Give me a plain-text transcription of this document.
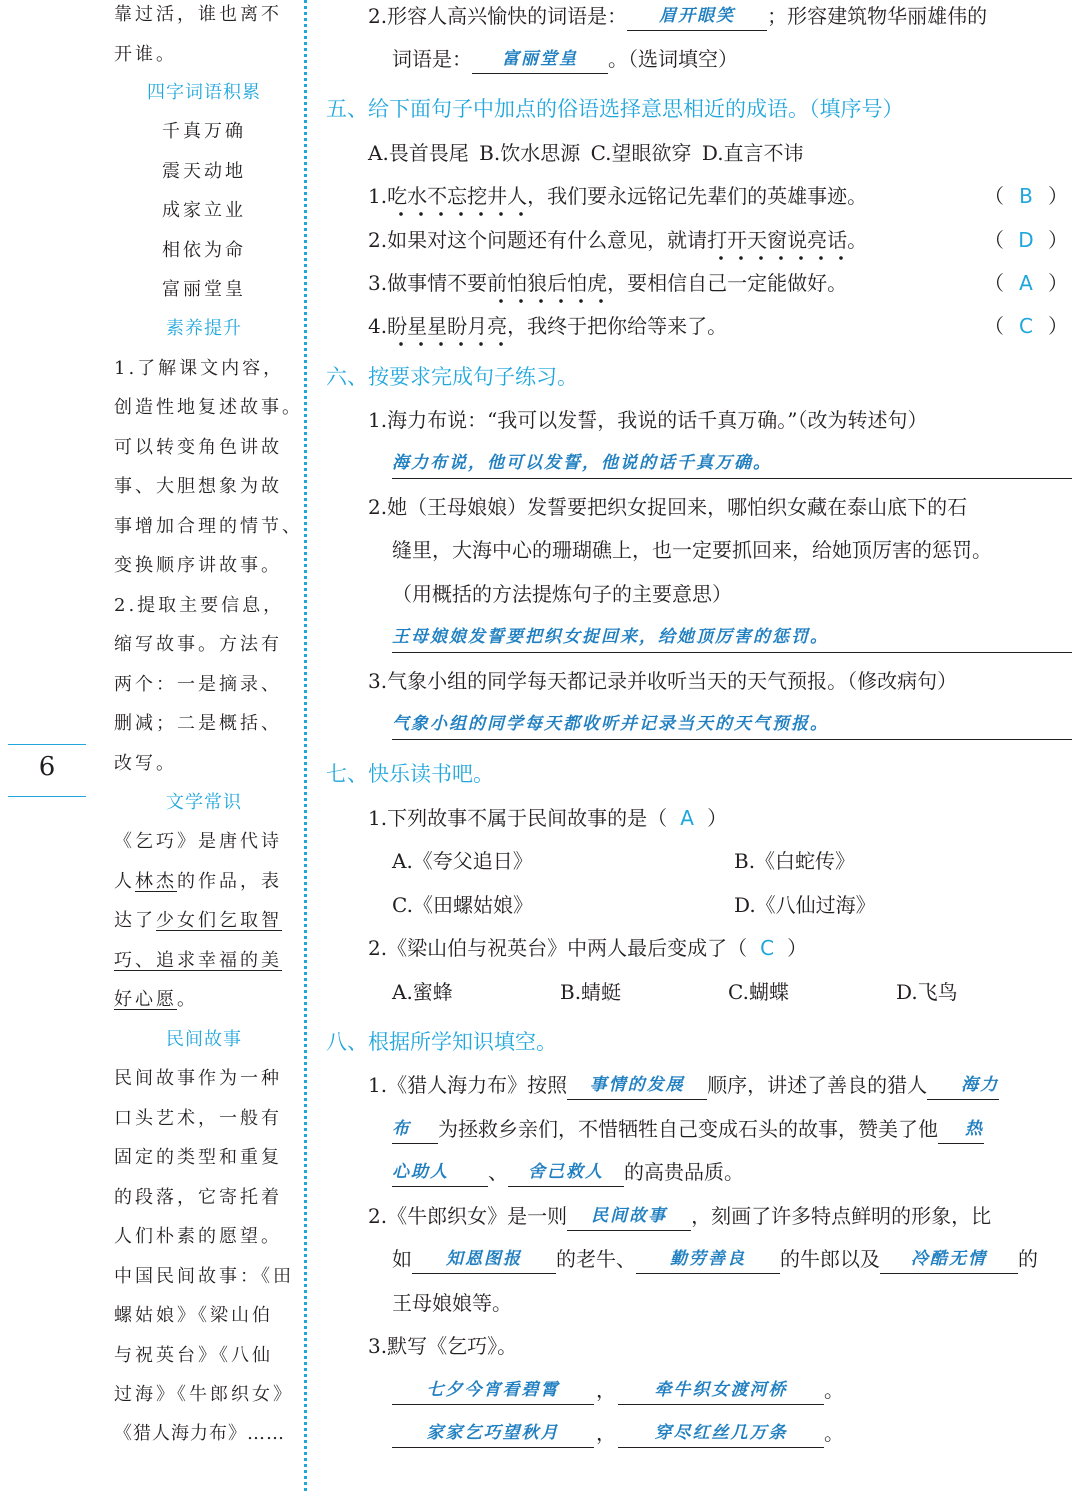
6
靠过活，谁也离不
开谁。
四字词语积累
千真万确
震天动地
成家立业
相依为命
富丽堂皇
素养提升
1.了解课文内容，
创造性地复述故事。
可以转变角色讲故
事、大胆想象为故
事增加合理的情节、
变换顺序讲故事。
2.提取主要信息，
缩写故事。方法有
两个：一是摘录、
删减；二是概括、
改写。
文学常识
《乞巧》是唐代诗
人林杰的作品，表
达了少女们乞取智
巧、追求幸福的美
好心愿。
民间故事
民间故事作为一种
口头艺术，一般有
固定的类型和重复
的段落，它寄托着
人们朴素的愿望。
中国民间故事：《田
螺姑娘》《梁山伯
与祝英台》《八仙
过海》《牛郎织女》
《猎人海力布》……
2.形容人高兴愉快的词语是： 眉开眼笑 ；形容建筑物华丽雄伟的
词语是： 富丽堂皇 。（选词填空）
五、给下面句子中加点的俗语选择意思相近的成语。（填序号）
A.畏首畏尾 B.饮水思源 C.望眼欲穿 D.直言不讳
1.吃水不忘挖井人，我们要永远铭记先辈们的英雄事迹。	（ B ）
2.如果对这个问题还有什么意见，就请打开天窗说亮话。	（ D ）
3.做事情不要前怕狼后怕虎，要相信自己一定能做好。	（ A ）
4.盼星星盼月亮，我终于把你给等来了。	（ C ）
六、按要求完成句子练习。
1.海力布说：“我可以发誓，我说的话千真万确。”（改为转述句）
海力布说，他可以发誓，他说的话千真万确。
2.她（王母娘娘）发誓要把织女捉回来，哪怕织女藏在泰山底下的石
缝里，大海中心的珊瑚礁上，也一定要抓回来，给她顶厉害的惩罚。
（用概括的方法提炼句子的主要意思）
王母娘娘发誓要把织女捉回来，给她顶厉害的惩罚。
3.气象小组的同学每天都记录并收听当天的天气预报。（修改病句）
气象小组的同学每天都收听并记录当天的天气预报。
七、快乐读书吧。
1.下列故事不属于民间故事的是（ A ）
A.《夸父追日》	B.《白蛇传》
C.《田螺姑娘》	D.《八仙过海》
2.《梁山伯与祝英台》中两人最后变成了（ C ）
A.蜜蜂	B.蜻蜓	C.蝴蝶	D.飞鸟
八、根据所学知识填空。
1.《猎人海力布》按照 事情的发展 顺序，讲述了善良的猎人 海力
布 为拯救乡亲们，不惜牺牲自己变成石头的故事，赞美了他 热
心助人 、 舍己救人 的高贵品质。
2.《牛郎织女》是一则 民间故事 ，刻画了许多特点鲜明的形象，比
如 知恩图报 的老牛、 勤劳善良 的牛郎以及 冷酷无情 的
王母娘娘等。
3.默写《乞巧》。
七夕今宵看碧霄 ， 牵牛织女渡河桥 。
家家乞巧望秋月 ， 穿尽红丝几万条 。
